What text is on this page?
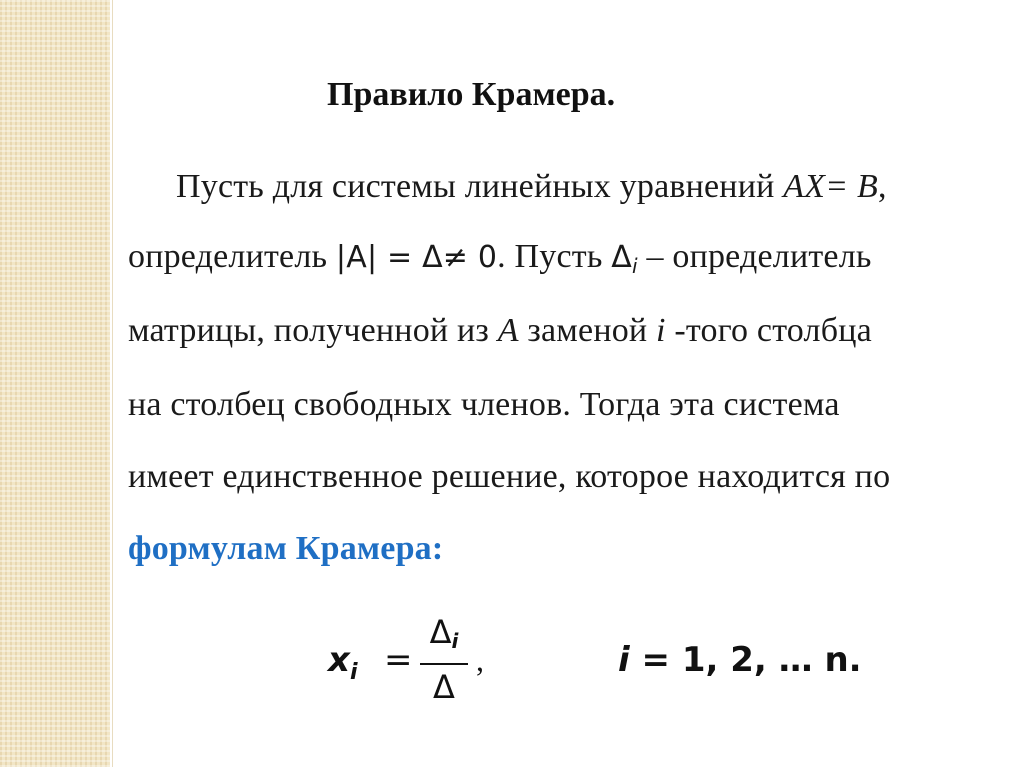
Правило Крамера.
Пусть для системы линейных уравнений AX= B,
определитель |A| = Δ≠ 0. Пусть $\Delta_i$ – определитель
матрицы, полученной из A заменой i -того столбца
на столбец свободных членов. Тогда эта система
имеет единственное решение, которое находится по
формулам Крамера:
$x_i$ =
$\Delta_i$
Δ
,	i = 1, 2, … n.
